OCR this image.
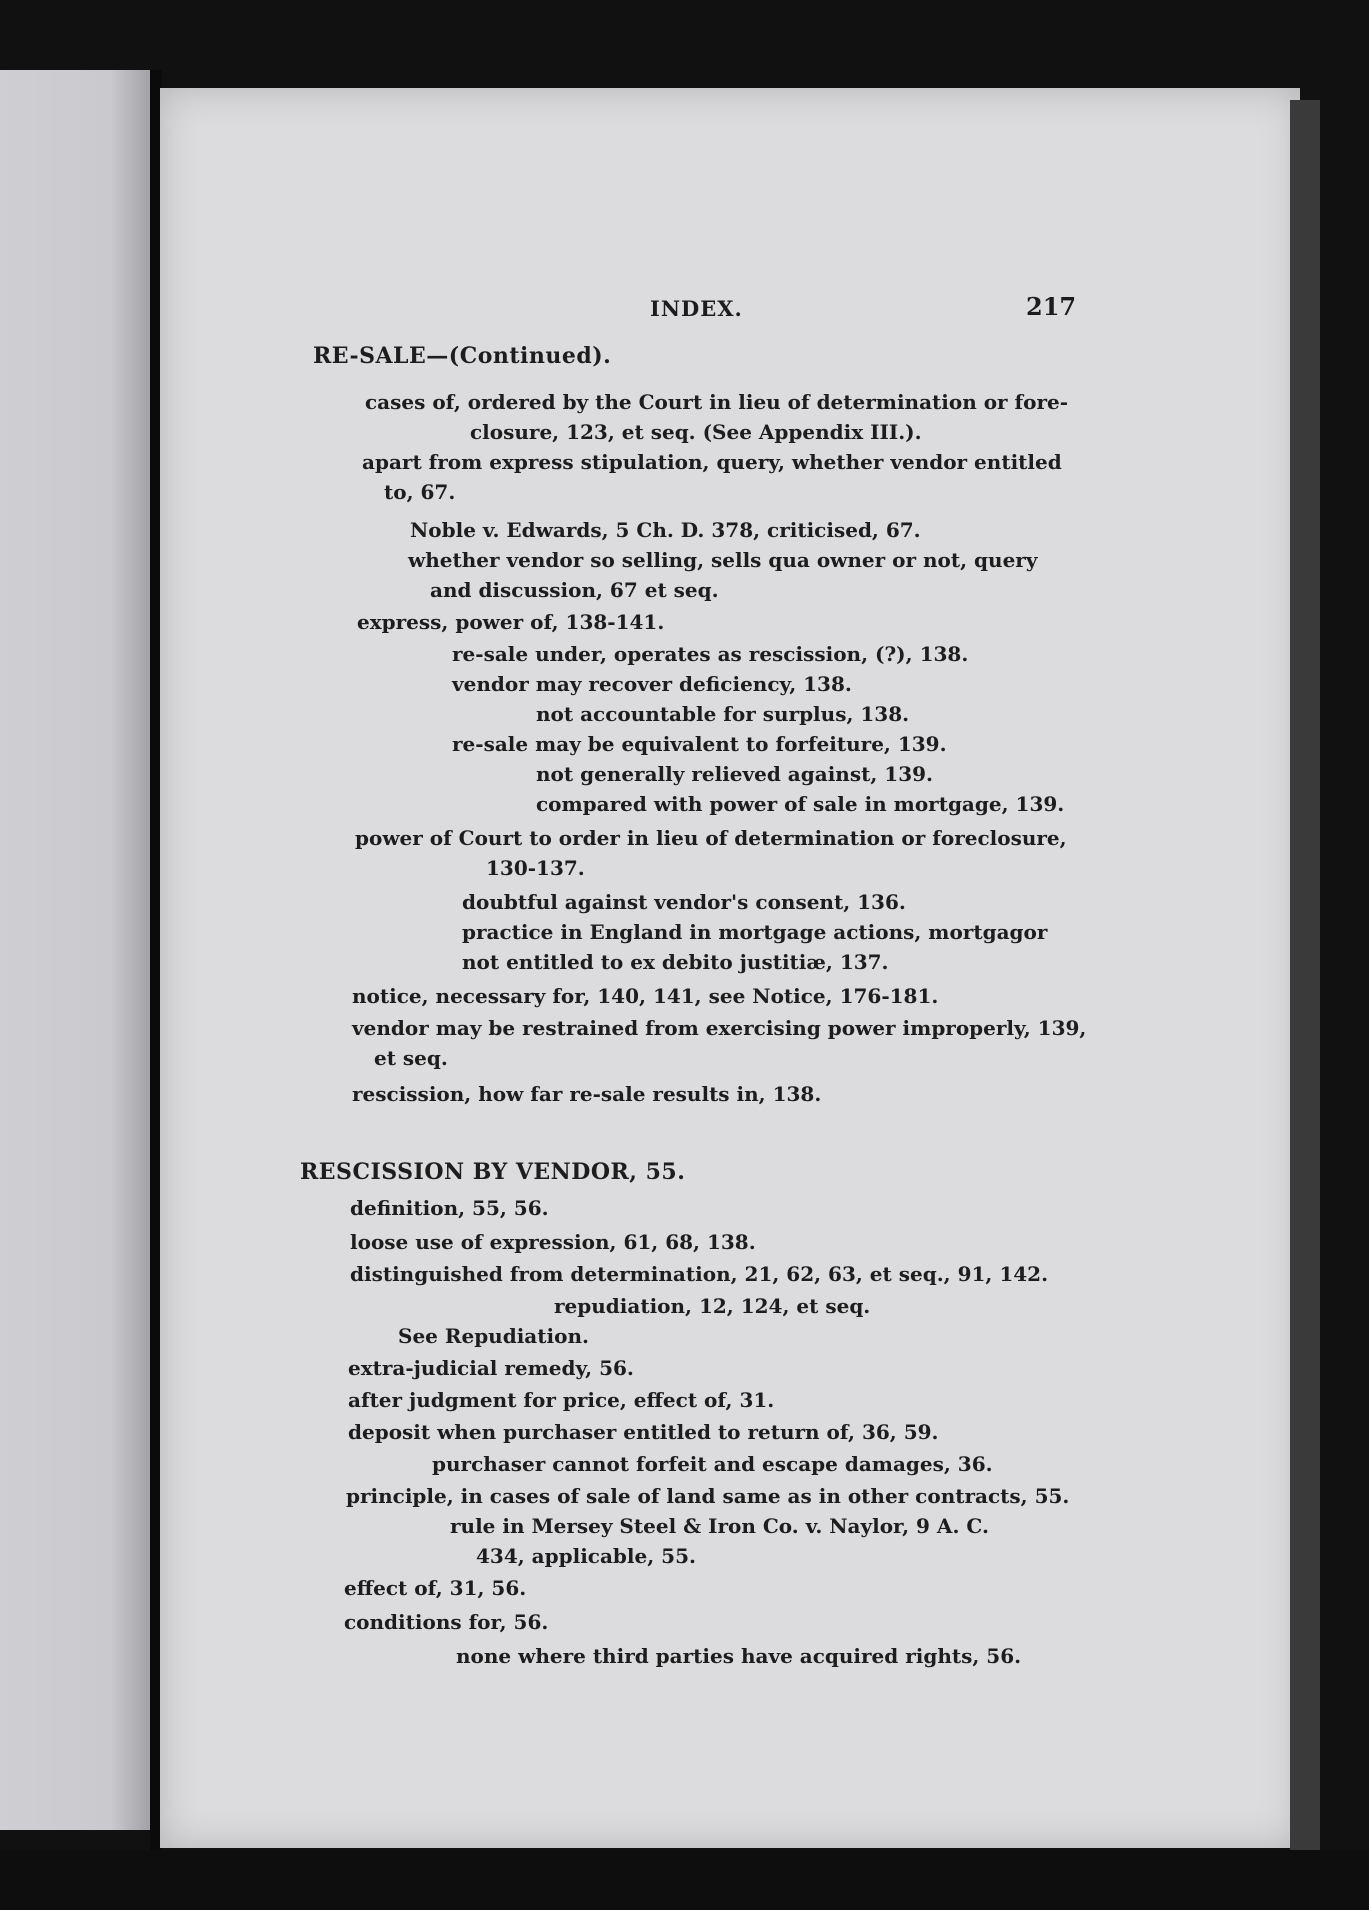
INDEX.	217
RE-SALE—(Continued).
cases of, ordered by the Court in lieu of determination or fore-
closure, 123, et seq. (See Appendix III.).
apart from express stipulation, query, whether vendor entitled
to, 67.
Noble v. Edwards, 5 Ch. D. 378, criticised, 67.
whether vendor so selling, sells qua owner or not, query
and discussion, 67 et seq.
express, power of, 138-141.
re-sale under, operates as rescission, (?), 138.
vendor may recover deficiency, 138.
not accountable for surplus, 138.
re-sale may be equivalent to forfeiture, 139.
not generally relieved against, 139.
compared with power of sale in mortgage, 139.
power of Court to order in lieu of determination or foreclosure,
130-137.
doubtful against vendor's consent, 136.
practice in England in mortgage actions, mortgagor
not entitled to ex debito justitiæ, 137.
notice, necessary for, 140, 141, see Notice, 176-181.
vendor may be restrained from exercising power improperly, 139,
et seq.
rescission, how far re-sale results in, 138.
RESCISSION BY VENDOR, 55.
definition, 55, 56.
loose use of expression, 61, 68, 138.
distinguished from determination, 21, 62, 63, et seq., 91, 142.
repudiation, 12, 124, et seq.
See Repudiation.
extra-judicial remedy, 56.
after judgment for price, effect of, 31.
deposit when purchaser entitled to return of, 36, 59.
purchaser cannot forfeit and escape damages, 36.
principle, in cases of sale of land same as in other contracts, 55.
rule in Mersey Steel & Iron Co. v. Naylor, 9 A. C.
434, applicable, 55.
effect of, 31, 56.
conditions for, 56.
none where third parties have acquired rights, 56.
